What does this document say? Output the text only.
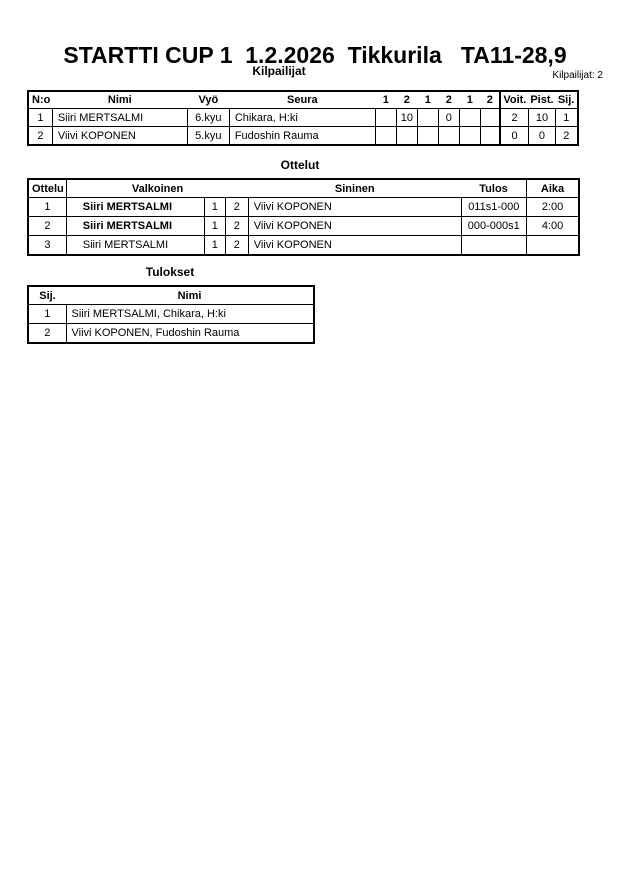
STARTTI CUP 1  1.2.2026  Tikkurila   TA11-28,9
Kilpailijat	Kilpailijat: 2
N:o	Nimi	Vyö	Seura	1	2	1	2	1	2	Voit.	Pist.	Sij.
1	Siiri MERTSALMI	6.kyu	Chikara, H:ki		10		0			2	10	1
2	Viivi KOPONEN	5.kyu	Fudoshin Rauma							0	0	2
Ottelut
Ottelu	Valkoinen			Sininen	Tulos	Aika
1	Siiri MERTSALMI	1	2	Viivi KOPONEN	011s1-000	2:00
2	Siiri MERTSALMI	1	2	Viivi KOPONEN	000-000s1	4:00
3	Siiri MERTSALMI	1	2	Viivi KOPONEN		
Tulokset
Sij.	Nimi
1	Siiri MERTSALMI, Chikara, H:ki
2	Viivi KOPONEN, Fudoshin Rauma
